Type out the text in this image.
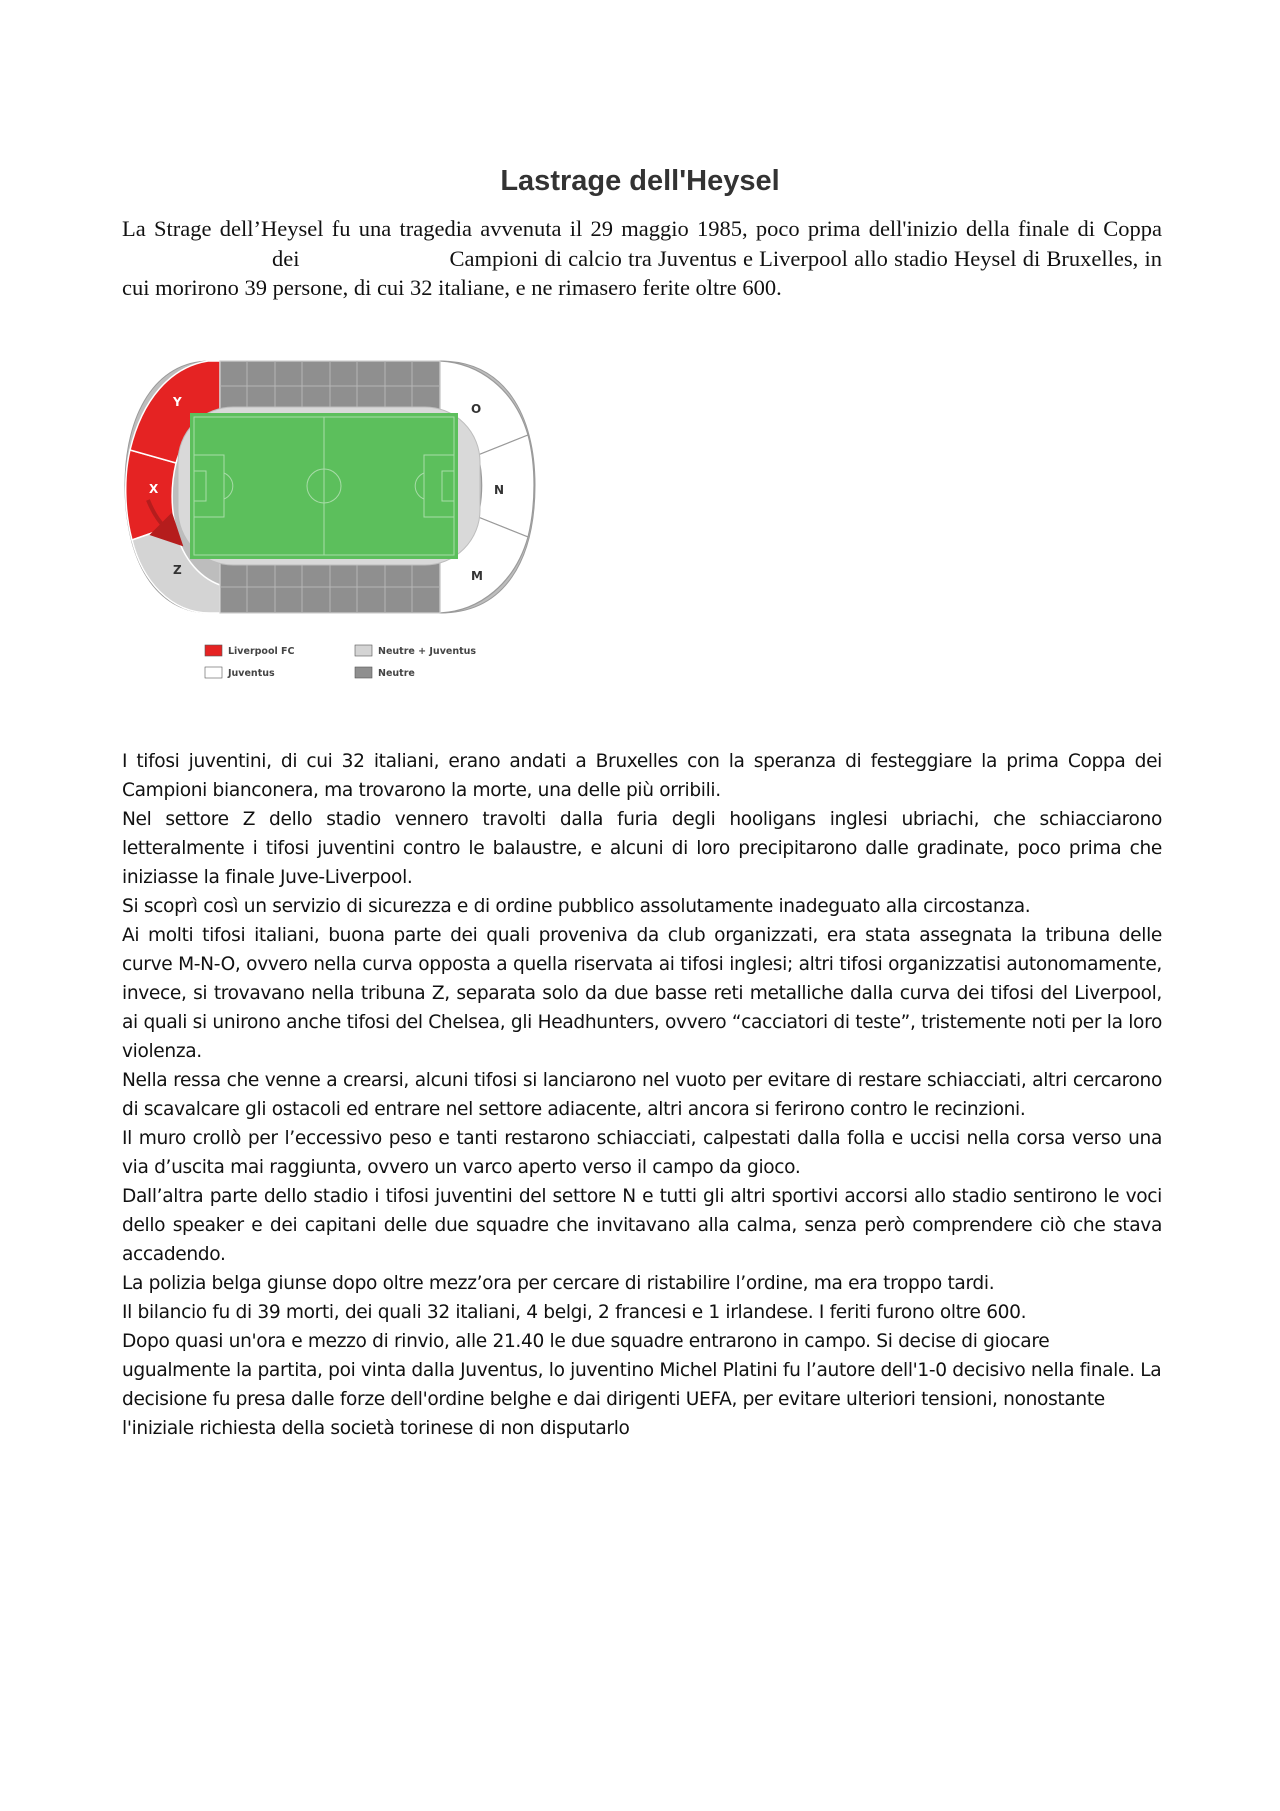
Lastrage dell'Heysel

La Strage dell’Heysel fu una tragedia avvenuta il 29 maggio 1985, poco prima dell'inizio della finale di Coppadei	Campioni di calcio tra Juventus e Liverpool allo stadio Heysel di Bruxelles, in cui morirono 39 persone, di cui 32 italiane, e ne rimasero ferite oltre 600.

Y
X
Z
O
N
M
Liverpool FC
Juventus
Neutre + Juventus
Neutre

I tifosi juventini, di cui 32 italiani, erano andati a Bruxelles con la speranza di festeggiare la prima Coppa dei Campioni bianconera, ma trovarono la morte, una delle più orribili.

Nel settore Z dello stadio vennero travolti dalla furia degli hooligans inglesi ubriachi, che schiacciarono letteralmente i tifosi juventini contro le balaustre, e alcuni di loro precipitarono dalle gradinate, poco prima che iniziasse la finale Juve-Liverpool.

Si scoprì così un servizio di sicurezza e di ordine pubblico assolutamente inadeguato alla circostanza.

Ai molti tifosi italiani, buona parte dei quali proveniva da club organizzati, era stata assegnata la tribuna delle curve M-N-O, ovvero nella curva opposta a quella riservata ai tifosi inglesi; altri tifosi organizzatisi autonomamente, invece, si trovavano nella tribuna Z, separata solo da due basse reti metalliche dalla curva dei tifosi del Liverpool, ai quali si unirono anche tifosi del Chelsea, gli Headhunters, ovvero “cacciatori di teste”, tristemente noti per la loro violenza.

Nella ressa che venne a crearsi, alcuni tifosi si lanciarono nel vuoto per evitare di restare schiacciati, altri cercarono di scavalcare gli ostacoli ed entrare nel settore adiacente, altri ancora si ferirono contro le recinzioni.

Il muro crollò per l’eccessivo peso e tanti restarono schiacciati, calpestati dalla folla e uccisi nella corsa verso una via d’uscita mai raggiunta, ovvero un varco aperto verso il campo da gioco.

Dall’altra parte dello stadio i tifosi juventini del settore N e tutti gli altri sportivi accorsi allo stadio sentirono le voci dello speaker e dei capitani delle due squadre che invitavano alla calma, senza però comprendere ciò che stava accadendo.

La polizia belga giunse dopo oltre mezz’ora per cercare di ristabilire l’ordine, ma era troppo tardi.

Il bilancio fu di 39 morti, dei quali 32 italiani, 4 belgi, 2 francesi e 1 irlandese. I feriti furono oltre 600.

Dopo quasi un'ora e mezzo di rinvio, alle 21.40 le due squadre entrarono in campo. Si decise di giocare ugualmente la partita, poi vinta dalla Juventus, lo juventino Michel Platini fu l’autore dell'1-0 decisivo nella finale. La decisione fu presa dalle forze dell'ordine belghe e dai dirigenti UEFA, per evitare ulteriori tensioni, nonostante l'iniziale richiesta della società torinese di non disputarlo
